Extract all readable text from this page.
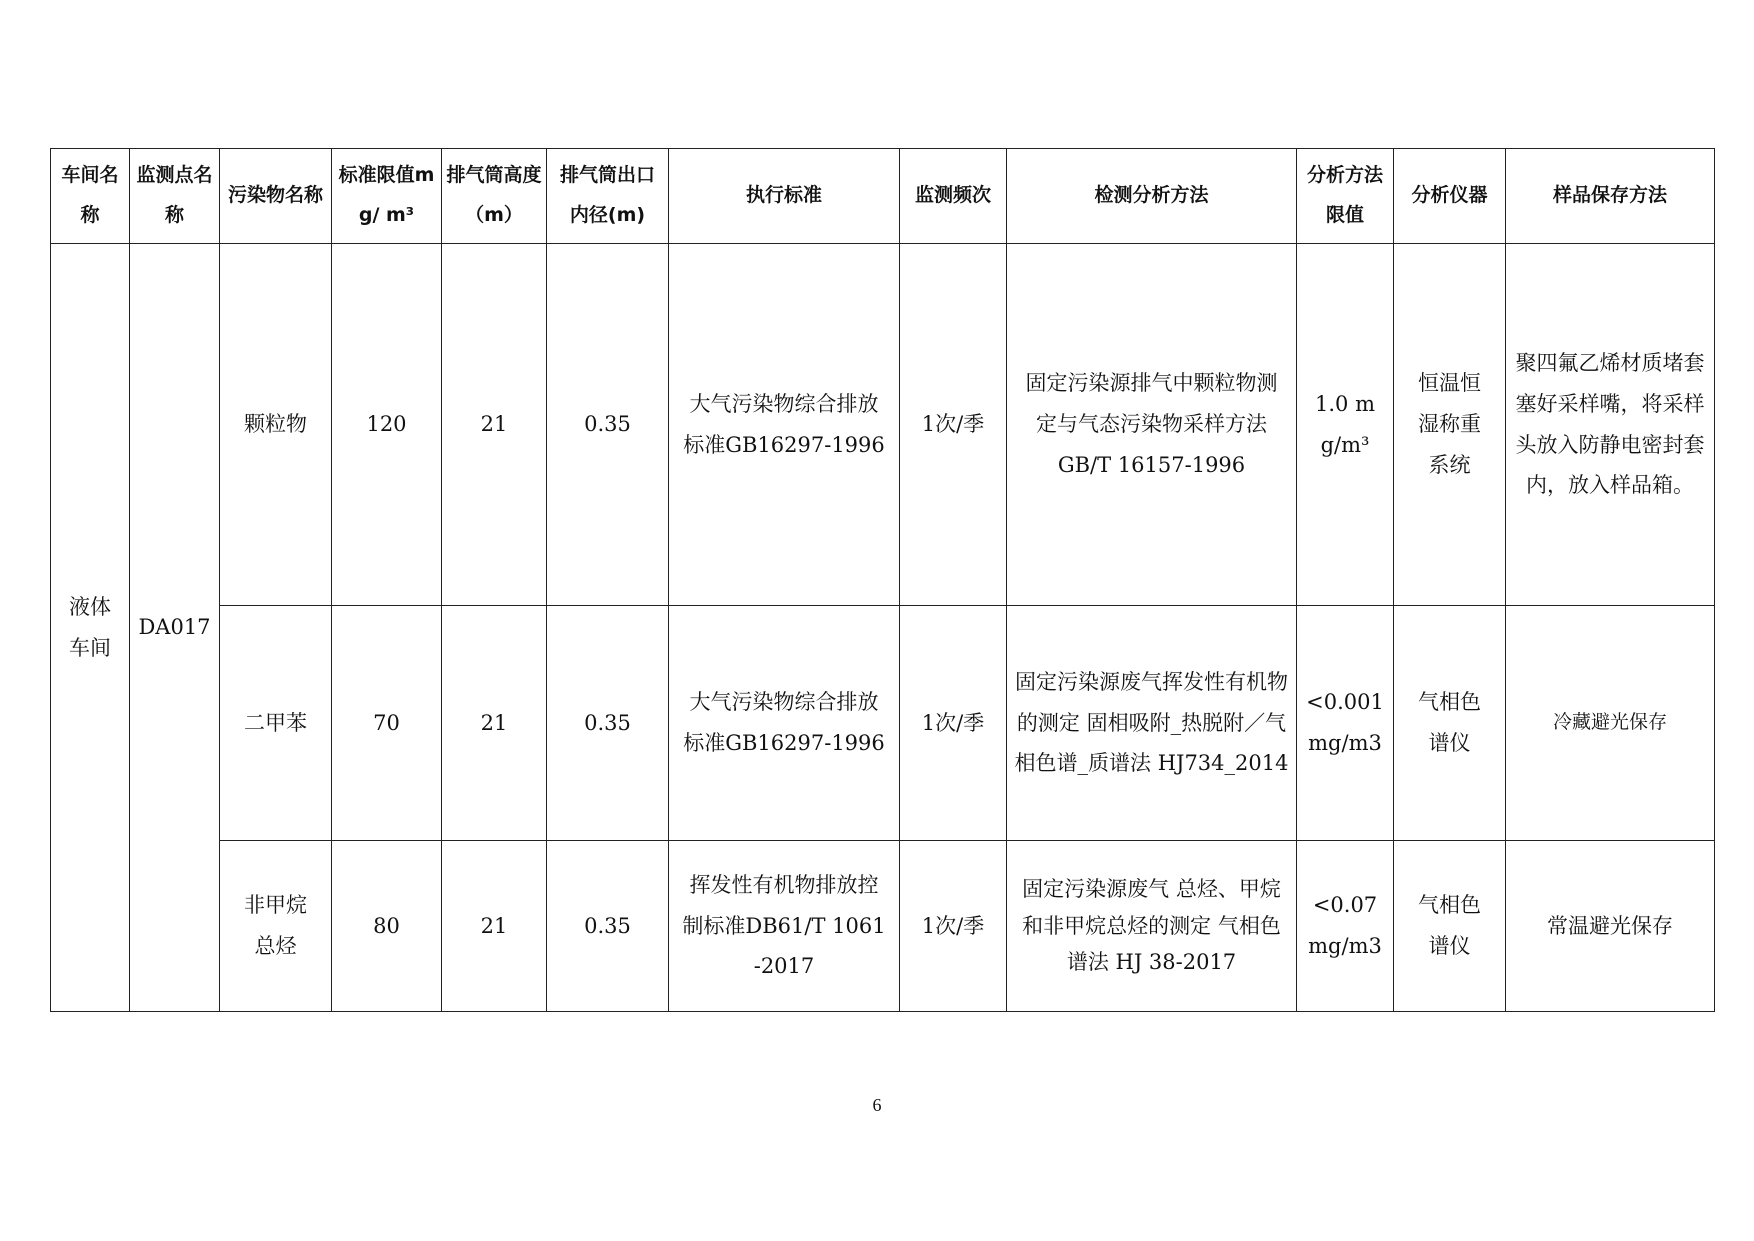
车间名称	监测点名称	污染物名称	标准限值mg/ m³	排气筒高度（m）	排气筒出口内径(m)	执行标准	监测频次	检测分析方法	分析方法限值	分析仪器	样品保存方法
液体车间	DA017	颗粒物	120	21	0.35	大气污染物综合排放标准GB16297-1996	1次/季	固定污染源排气中颗粒物测定与气态污染物采样方法 GB/T 16157-1996	1.0 mg/m³	恒温恒湿称重系统	聚四氟乙烯材质堵套塞好采样嘴，将采样头放入防静电密封套内，放入样品箱。
		二甲苯	70	21	0.35	大气污染物综合排放标准GB16297-1996	1次/季	固定污染源废气挥发性有机物的测定 固相吸附_热脱附／气相色谱_质谱法 HJ734_2014	<0.001mg/m3	气相色谱仪	冷藏避光保存
		非甲烷总烃	80	21	0.35	挥发性有机物排放控制标准DB61/T 1061-2017	1次/季	固定污染源废气 总烃、甲烷和非甲烷总烃的测定 气相色谱法 HJ 38-2017	<0.07 mg/m3	气相色谱仪	常温避光保存
6
